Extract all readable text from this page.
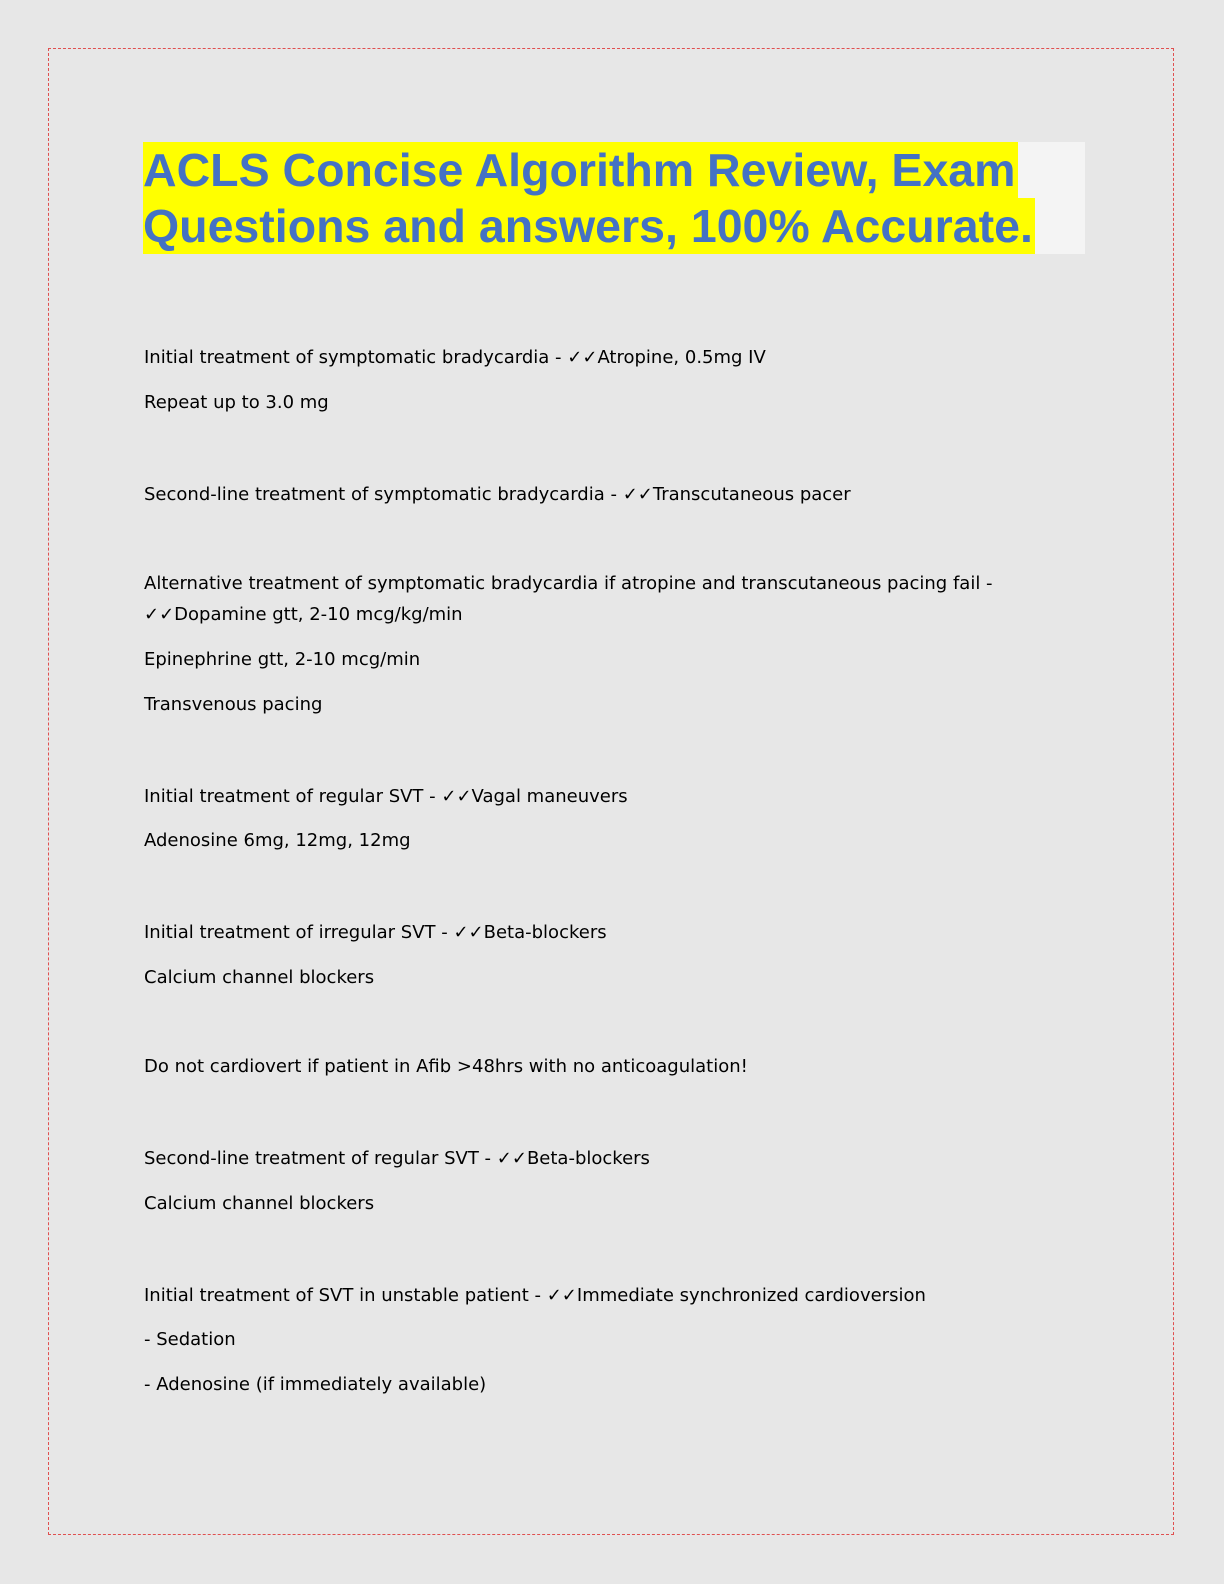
ACLS Concise Algorithm Review, Exam
Questions and answers, 100% Accurate.
Initial treatment of symptomatic bradycardia - ✓✓Atropine, 0.5mg IV
Repeat up to 3.0 mg
Second-line treatment of symptomatic bradycardia - ✓✓Transcutaneous pacer
Alternative treatment of symptomatic bradycardia if atropine and transcutaneous pacing fail -
✓✓Dopamine gtt, 2-10 mcg/kg/min
Epinephrine gtt, 2-10 mcg/min
Transvenous pacing
Initial treatment of regular SVT - ✓✓Vagal maneuvers
Adenosine 6mg, 12mg, 12mg
Initial treatment of irregular SVT - ✓✓Beta-blockers
Calcium channel blockers
Do not cardiovert if patient in Afib >48hrs with no anticoagulation!
Second-line treatment of regular SVT - ✓✓Beta-blockers
Calcium channel blockers
Initial treatment of SVT in unstable patient - ✓✓Immediate synchronized cardioversion
- Sedation
- Adenosine (if immediately available)
